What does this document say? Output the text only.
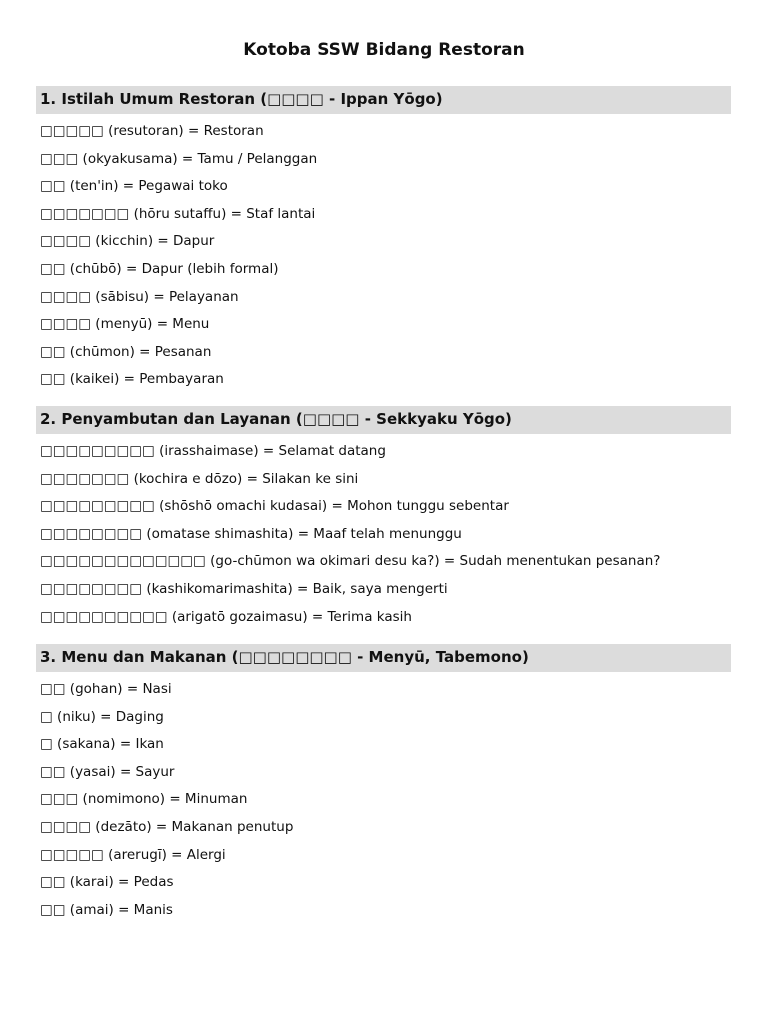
Kotoba SSW Bidang Restoran
1. Istilah Umum Restoran (□□□□ - Ippan Yōgo)
□□□□□ (resutoran) = Restoran
□□□ (okyakusama) = Tamu / Pelanggan
□□ (ten'in) = Pegawai toko
□□□□□□□ (hōru sutaffu) = Staf lantai
□□□□ (kicchin) = Dapur
□□ (chūbō) = Dapur (lebih formal)
□□□□ (sābisu) = Pelayanan
□□□□ (menyū) = Menu
□□ (chūmon) = Pesanan
□□ (kaikei) = Pembayaran
2. Penyambutan dan Layanan (□□□□ - Sekkyaku Yōgo)
□□□□□□□□□ (irasshaimase) = Selamat datang
□□□□□□□ (kochira e dōzo) = Silakan ke sini
□□□□□□□□□ (shōshō omachi kudasai) = Mohon tunggu sebentar
□□□□□□□□ (omatase shimashita) = Maaf telah menunggu
□□□□□□□□□□□□□ (go-chūmon wa okimari desu ka?) = Sudah menentukan pesanan?
□□□□□□□□ (kashikomarimashita) = Baik, saya mengerti
□□□□□□□□□□ (arigatō gozaimasu) = Terima kasih
3. Menu dan Makanan (□□□□□□□□ - Menyū, Tabemono)
□□ (gohan) = Nasi
□ (niku) = Daging
□ (sakana) = Ikan
□□ (yasai) = Sayur
□□□ (nomimono) = Minuman
□□□□ (dezāto) = Makanan penutup
□□□□□ (arerugī) = Alergi
□□ (karai) = Pedas
□□ (amai) = Manis
